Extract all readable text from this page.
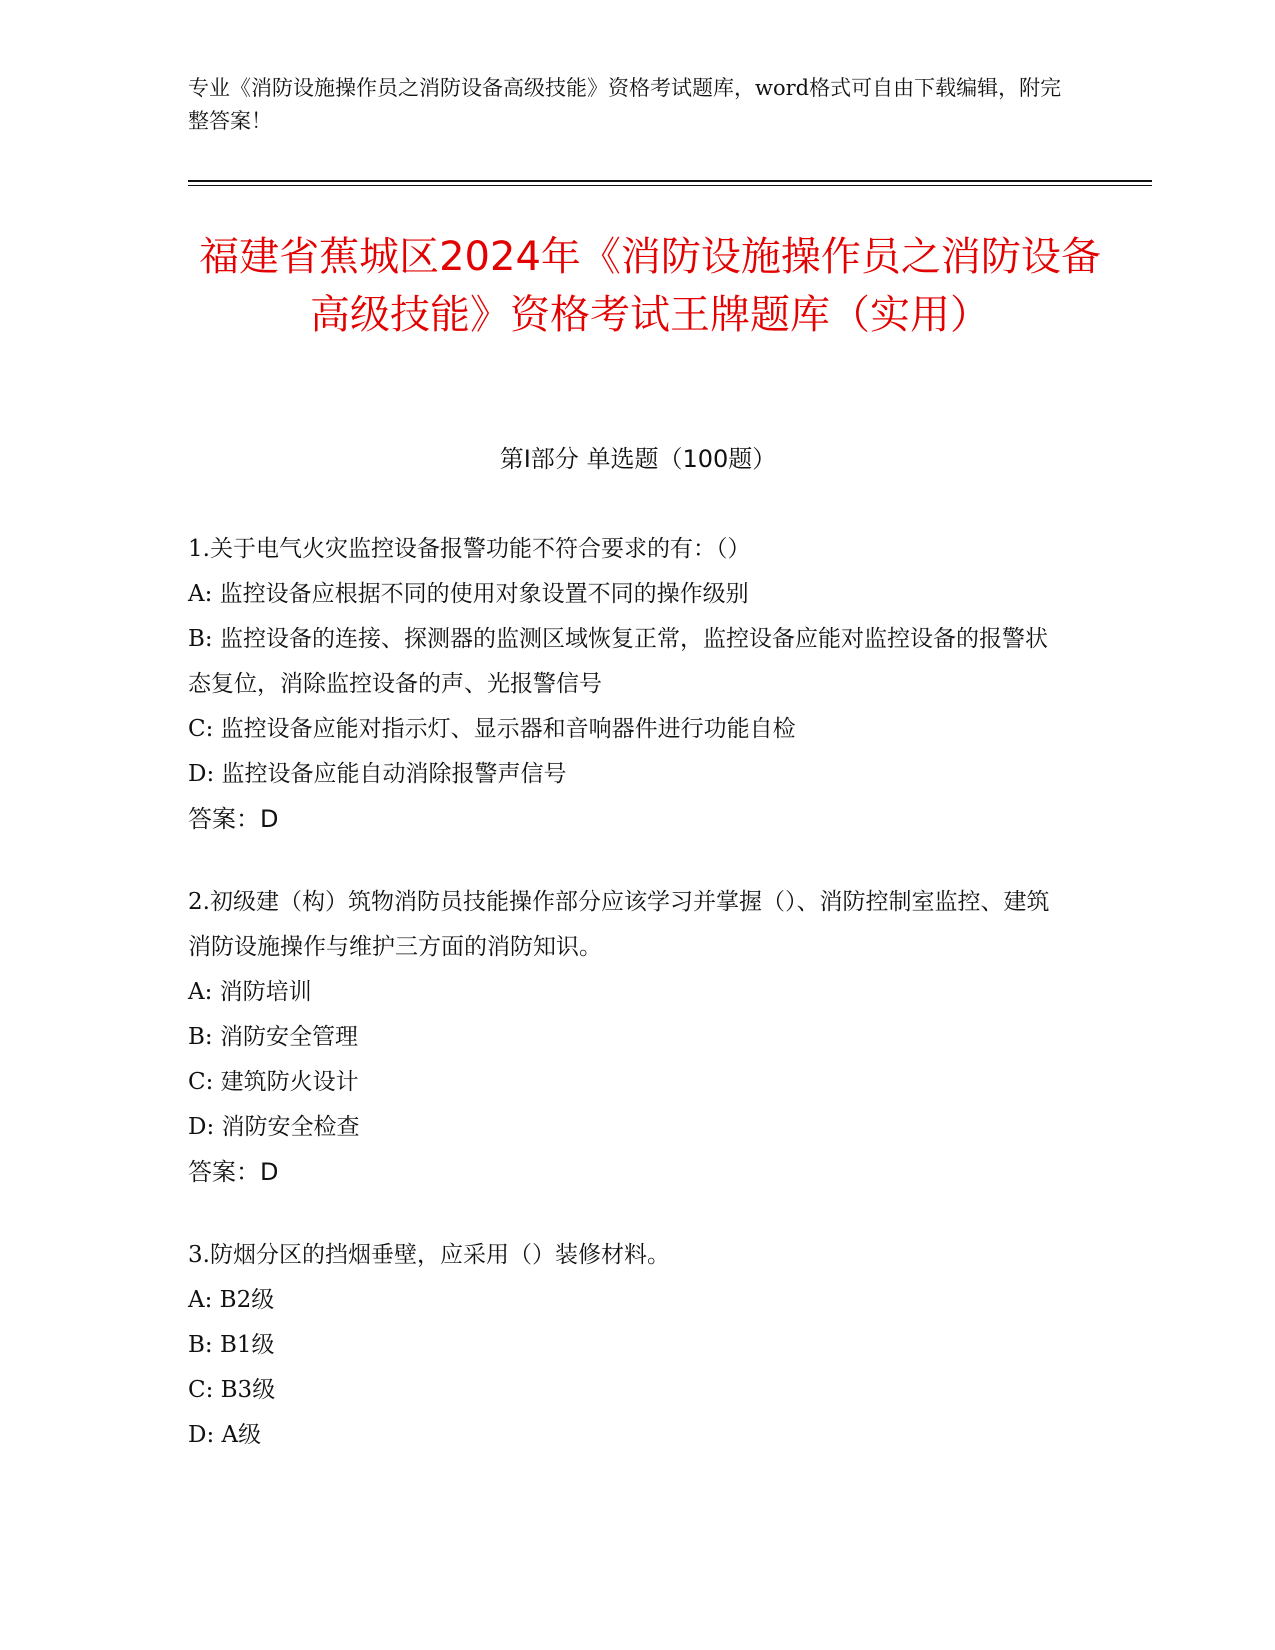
专业《消防设施操作员之消防设备高级技能》资格考试题库，word格式可自由下载编辑，附完整答案！
福建省蕉城区2024年《消防设施操作员之消防设备高级技能》资格考试王牌题库（实用）
第I部分 单选题（100题）

1.关于电气火灾监控设备报警功能不符合要求的有：（）

A: 监控设备应根据不同的使用对象设置不同的操作级别

B: 监控设备的连接、探测器的监测区域恢复正常，监控设备应能对监控设备的报警状态复位，消除监控设备的声、光报警信号

C: 监控设备应能对指示灯、显示器和音响器件进行功能自检

D: 监控设备应能自动消除报警声信号

答案：D

2.初级建（构）筑物消防员技能操作部分应该学习并掌握（）、消防控制室监控、建筑消防设施操作与维护三方面的消防知识。

A: 消防培训

B: 消防安全管理

C: 建筑防火设计

D: 消防安全检查

答案：D

3.防烟分区的挡烟垂壁，应采用（）装修材料。

A: B2级

B: B1级

C: B3级

D: A级
